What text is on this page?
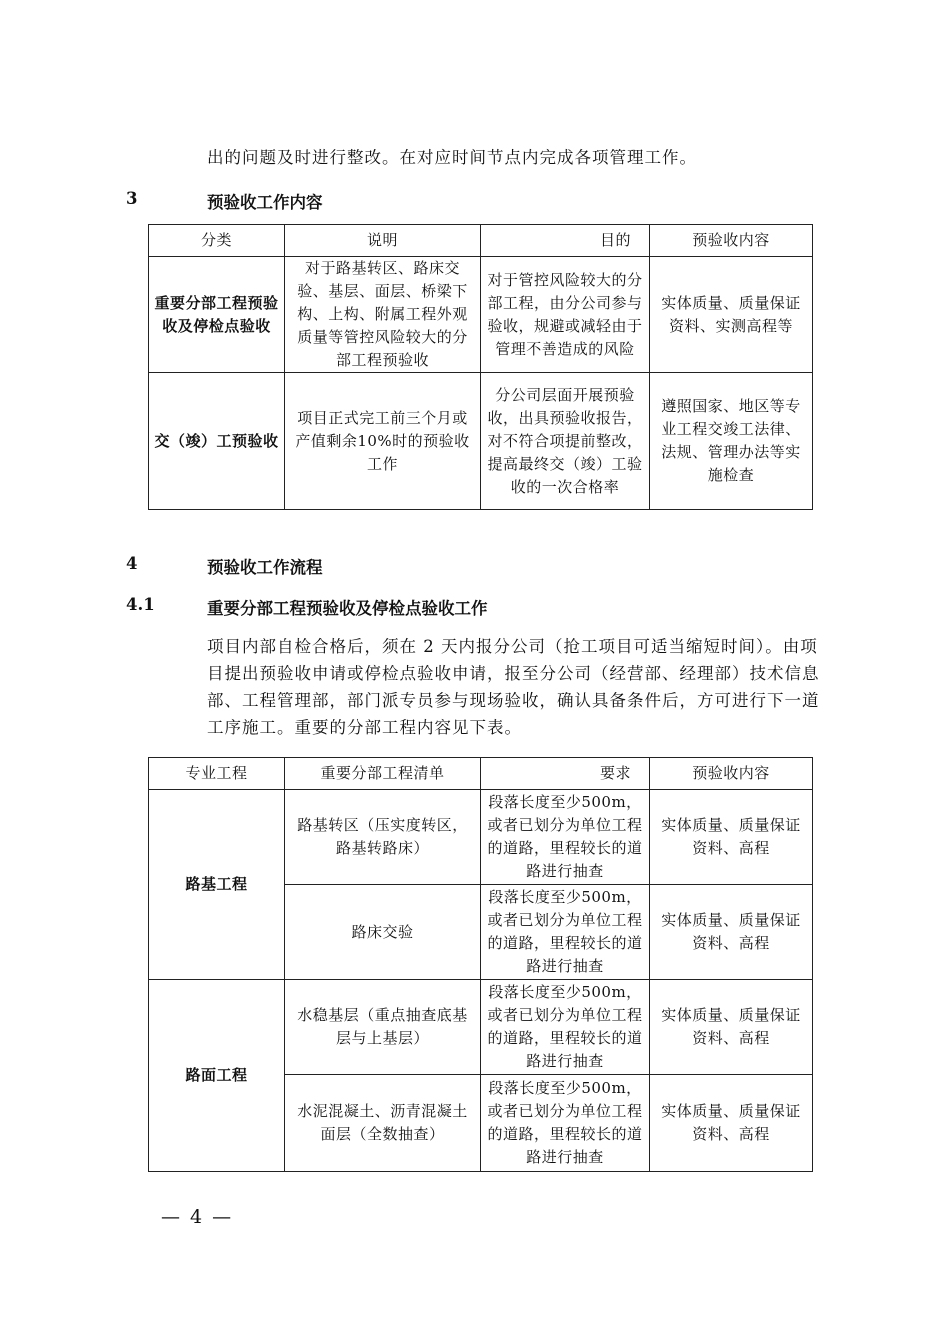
出的问题及时进行整改。在对应时间节点内完成各项管理工作。

3	预验收工作内容
分类	说明	目的	预验收内容
重要分部工程预验收及停检点验收	对于路基转区、路床交验、基层、面层、桥梁下构、上构、附属工程外观质量等管控风险较大的分部工程预验收	对于管控风险较大的分部工程，由分公司参与验收，规避或减轻由于管理不善造成的风险	实体质量、质量保证资料、实测高程等
交（竣）工预验收	项目正式完工前三个月或产值剩余10%时的预验收工作	分公司层面开展预验收，出具预验收报告，对不符合项提前整改，提高最终交（竣）工验收的一次合格率	遵照国家、地区等专业工程交竣工法律、法规、管理办法等实施检查
4	预验收工作流程
4.1	重要分部工程预验收及停检点验收工作

项目内部自检合格后，须在 2 天内报分公司（抢工项目可适当缩短时间）。由项目提出预验收申请或停检点验收申请，报至分公司（经营部、经理部）技术信息部、工程管理部，部门派专员参与现场验收，确认具备条件后，方可进行下一道工序施工。重要的分部工程内容见下表。

专业工程	重要分部工程清单	要求	预验收内容
路基工程	路基转区（压实度转区，路基转路床）	段落长度至少500m，或者已划分为单位工程的道路，里程较长的道路进行抽查	实体质量、质量保证资料、高程
	路床交验	段落长度至少500m，或者已划分为单位工程的道路，里程较长的道路进行抽查	实体质量、质量保证资料、高程
路面工程	水稳基层（重点抽查底基层与上基层）	段落长度至少500m，或者已划分为单位工程的道路，里程较长的道路进行抽查	实体质量、质量保证资料、高程
	水泥混凝土、沥青混凝土面层（全数抽查）	段落长度至少500m，或者已划分为单位工程的道路，里程较长的道路进行抽查	实体质量、质量保证资料、高程
— 4 —
